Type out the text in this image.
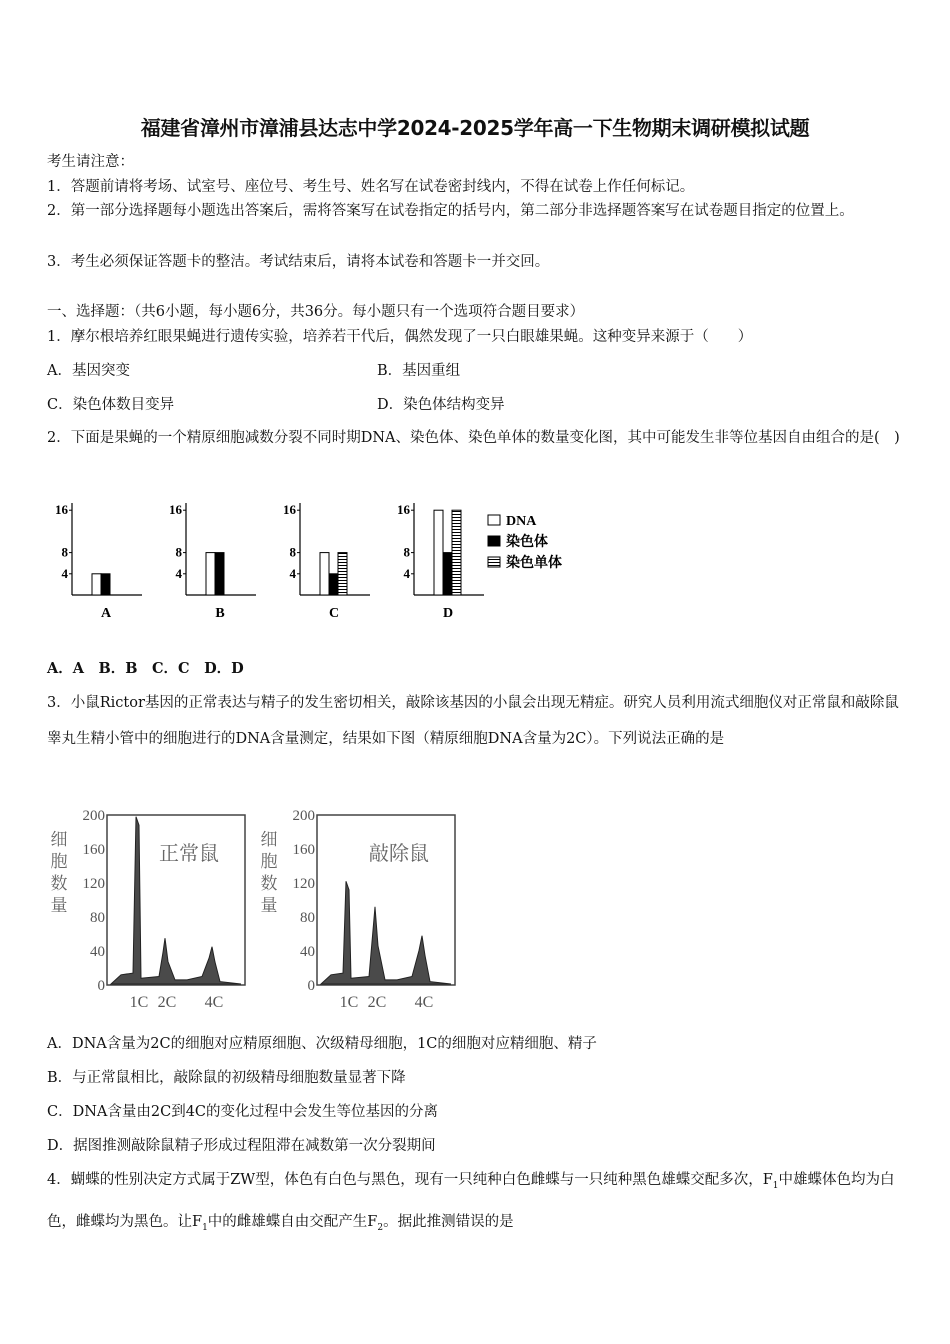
福建省漳州市漳浦县达志中学2024-2025学年高一下生物期末调研模拟试题
考生请注意：
1．答题前请将考场、试室号、座位号、考生号、姓名写在试卷密封线内，不得在试卷上作任何标记。
2．第一部分选择题每小题选出答案后，需将答案写在试卷指定的括号内，第二部分非选择题答案写在试卷题目指定的位置上。
3．考生必须保证答题卡的整洁。考试结束后，请将本试卷和答题卡一并交回。
一、选择题：（共6小题，每小题6分，共36分。每小题只有一个选项符合题目要求）
1．摩尔根培养红眼果蝇进行遗传实验，培养若干代后，偶然发现了一只白眼雄果蝇。这种变异来源于（　　）
A．基因突变	B．基因重组
C．染色体数目变异	D．染色体结构变异
2．下面是果蝇的一个精原细胞减数分裂不同时期DNA、染色体、染色单体的数量变化图，其中可能发生非等位基因自由组合的是(　)
4
8
16
A
4
8
16
B
4
8
16
C
4
8
16
D
DNA
染色体
染色单体
A．A　B．B　C．C　D．D
3．小鼠Rictor基因的正常表达与精子的发生密切相关，敲除该基因的小鼠会出现无精症。研究人员利用流式细胞仪对正常鼠和敲除鼠睾丸生精小管中的细胞进行的DNA含量测定，结果如下图（精原细胞DNA含量为2C）。下列说法正确的是
0
40
80
120
160
200
细
胞
数
量
正常鼠
1C 2C 4C
0
40
80
120
160
200
细
胞
数
量
敲除鼠
1C 2C 4C
A．DNA含量为2C的细胞对应精原细胞、次级精母细胞，1C的细胞对应精细胞、精子
B．与正常鼠相比，敲除鼠的初级精母细胞数量显著下降
C．DNA含量由2C到4C的变化过程中会发生等位基因的分离
D．据图推测敲除鼠精子形成过程阻滞在减数第一次分裂期间
4．蝴蝶的性别决定方式属于ZW型，体色有白色与黑色，现有一只纯种白色雌蝶与一只纯种黑色雄蝶交配多次，$F_1$中雄蝶体色均为白色，雌蝶均为黑色。让$F_1$中的雌雄蝶自由交配产生$F_2$。据此推测错误的是
